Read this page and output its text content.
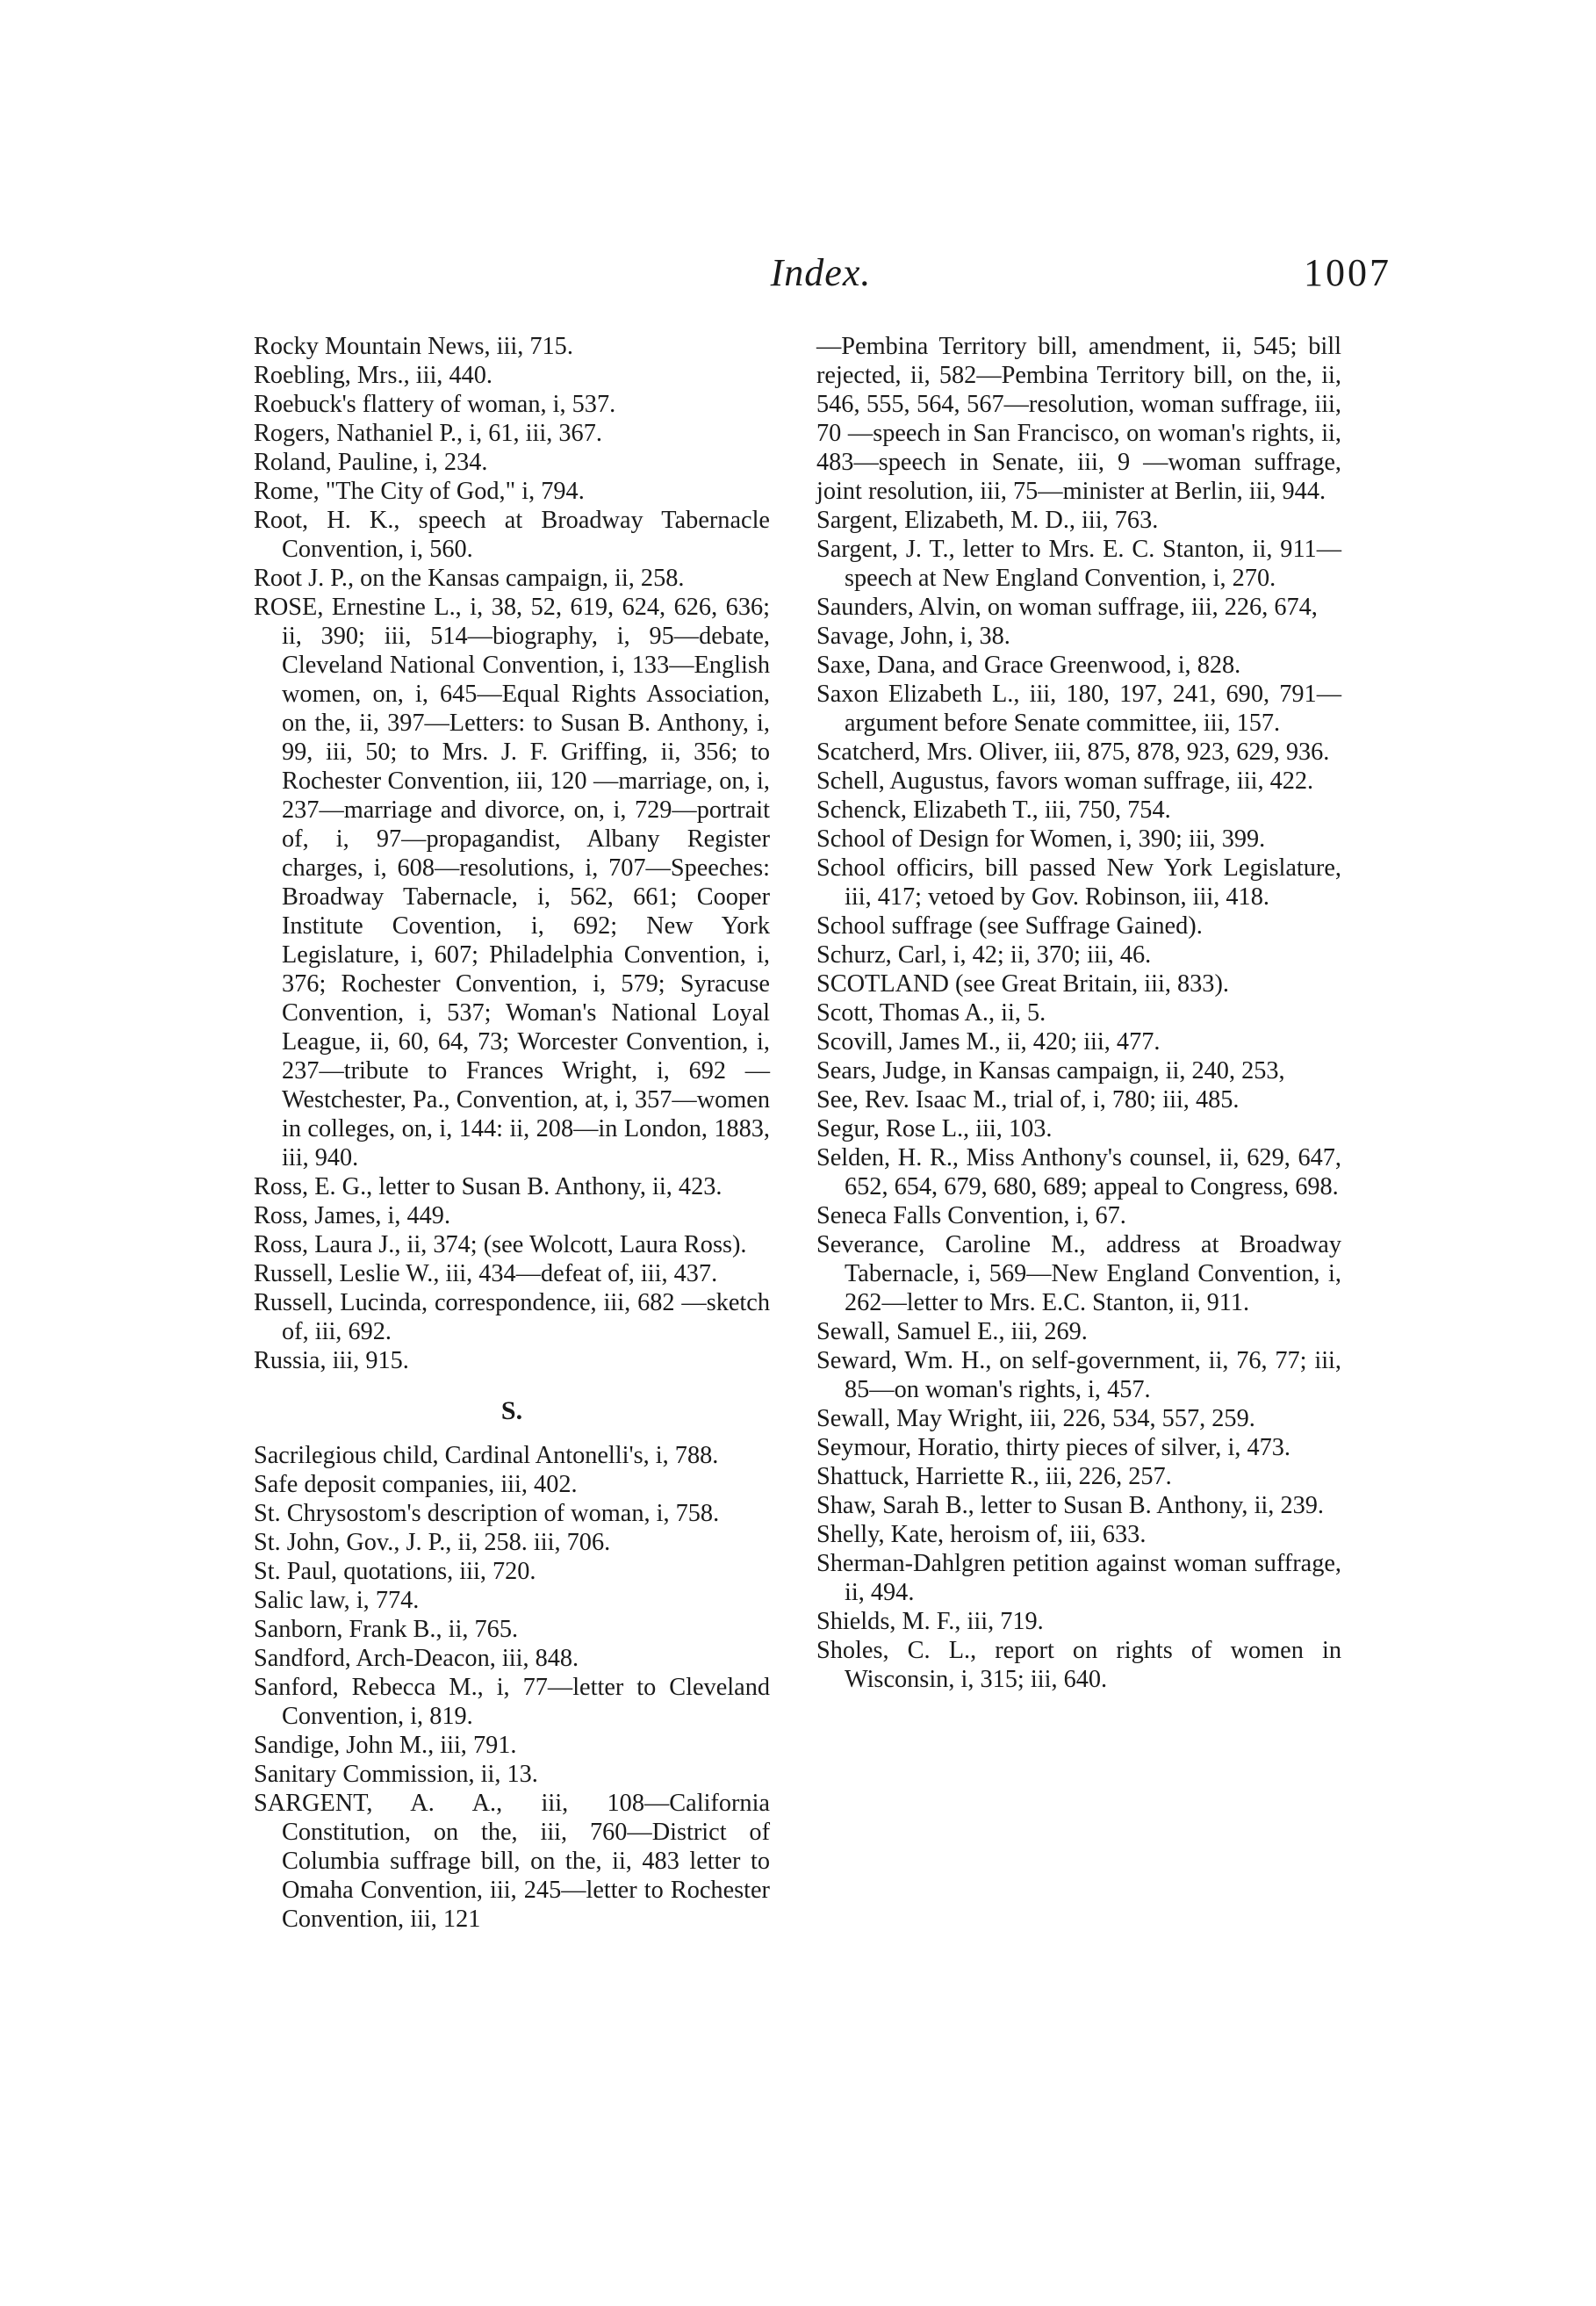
Index.	1007

Rocky Mountain News, iii, 715.

Roebling, Mrs., iii, 440.

Roebuck's flattery of woman, i, 537.

Rogers, Nathaniel P., i, 61, iii, 367.

Roland, Pauline, i, 234.

Rome, "The City of God," i, 794.

Root, H. K., speech at Broadway Tabernacle Convention, i, 560.

Root J. P., on the Kansas campaign, ii, 258.

ROSE, Ernestine L., i, 38, 52, 619, 624, 626, 636; ii, 390; iii, 514—biography, i, 95—debate, Cleveland National Convention, i, 133—English women, on, i, 645—Equal Rights Association, on the, ii, 397—Letters: to Susan B. Anthony, i, 99, iii, 50; to Mrs. J. F. Griffing, ii, 356; to Rochester Convention, iii, 120 —marriage, on, i, 237—marriage and divorce, on, i, 729—portrait of, i, 97—propagandist, Albany Register charges, i, 608—resolutions, i, 707—Speeches: Broadway Tabernacle, i, 562, 661; Cooper Institute Covention, i, 692; New York Legislature, i, 607; Philadelphia Convention, i, 376; Rochester Convention, i, 579; Syracuse Convention, i, 537; Woman's National Loyal League, ii, 60, 64, 73; Worcester Convention, i, 237—tribute to Frances Wright, i, 692 —Westchester, Pa., Convention, at, i, 357—women in colleges, on, i, 144: ii, 208—in London, 1883, iii, 940.

Ross, E. G., letter to Susan B. Anthony, ii, 423.

Ross, James, i, 449.

Ross, Laura J., ii, 374; (see Wolcott, Laura Ross).

Russell, Leslie W., iii, 434—defeat of, iii, 437.

Russell, Lucinda, correspondence, iii, 682 —sketch of, iii, 692.

Russia, iii, 915.

S.

Sacrilegious child, Cardinal Antonelli's, i, 788.

Safe deposit companies, iii, 402.

St. Chrysostom's description of woman, i, 758.

St. John, Gov., J. P., ii, 258. iii, 706.

St. Paul, quotations, iii, 720.

Salic law, i, 774.

Sanborn, Frank B., ii, 765.

Sandford, Arch-Deacon, iii, 848.

Sanford, Rebecca M., i, 77—letter to Cleveland Convention, i, 819.

Sandige, John M., iii, 791.

Sanitary Commission, ii, 13.

SARGENT, A. A., iii, 108—California Constitution, on the, iii, 760—District of Columbia suffrage bill, on the, ii, 483 letter to Omaha Convention, iii, 245—letter to Rochester Convention, iii, 121

—Pembina Territory bill, amendment, ii, 545; bill rejected, ii, 582—Pembina Territory bill, on the, ii, 546, 555, 564, 567—resolution, woman suffrage, iii, 70 —speech in San Francisco, on woman's rights, ii, 483—speech in Senate, iii, 9 —woman suffrage, joint resolution, iii, 75—minister at Berlin, iii, 944.

Sargent, Elizabeth, M. D., iii, 763.

Sargent, J. T., letter to Mrs. E. C. Stanton, ii, 911—speech at New England Convention, i, 270.

Saunders, Alvin, on woman suffrage, iii, 226, 674,

Savage, John, i, 38.

Saxe, Dana, and Grace Greenwood, i, 828.

Saxon Elizabeth L., iii, 180, 197, 241, 690, 791—argument before Senate committee, iii, 157.

Scatcherd, Mrs. Oliver, iii, 875, 878, 923, 629, 936.

Schell, Augustus, favors woman suffrage, iii, 422.

Schenck, Elizabeth T., iii, 750, 754.

School of Design for Women, i, 390; iii, 399.

School officirs, bill passed New York Legislature, iii, 417; vetoed by Gov. Robinson, iii, 418.

School suffrage (see Suffrage Gained).

Schurz, Carl, i, 42; ii, 370; iii, 46.

SCOTLAND (see Great Britain, iii, 833).

Scott, Thomas A., ii, 5.

Scovill, James M., ii, 420; iii, 477.

Sears, Judge, in Kansas campaign, ii, 240, 253,

See, Rev. Isaac M., trial of, i, 780; iii, 485.

Segur, Rose L., iii, 103.

Selden, H. R., Miss Anthony's counsel, ii, 629, 647, 652, 654, 679, 680, 689; appeal to Congress, 698.

Seneca Falls Convention, i, 67.

Severance, Caroline M., address at Broadway Tabernacle, i, 569—New England Convention, i, 262—letter to Mrs. E.C. Stanton, ii, 911.

Sewall, Samuel E., iii, 269.

Seward, Wm. H., on self-government, ii, 76, 77; iii, 85—on woman's rights, i, 457.

Sewall, May Wright, iii, 226, 534, 557, 259.

Seymour, Horatio, thirty pieces of silver, i, 473.

Shattuck, Harriette R., iii, 226, 257.

Shaw, Sarah B., letter to Susan B. Anthony, ii, 239.

Shelly, Kate, heroism of, iii, 633.

Sherman-Dahlgren petition against woman suffrage, ii, 494.

Shields, M. F., iii, 719.

Sholes, C. L., report on rights of women in Wisconsin, i, 315; iii, 640.
